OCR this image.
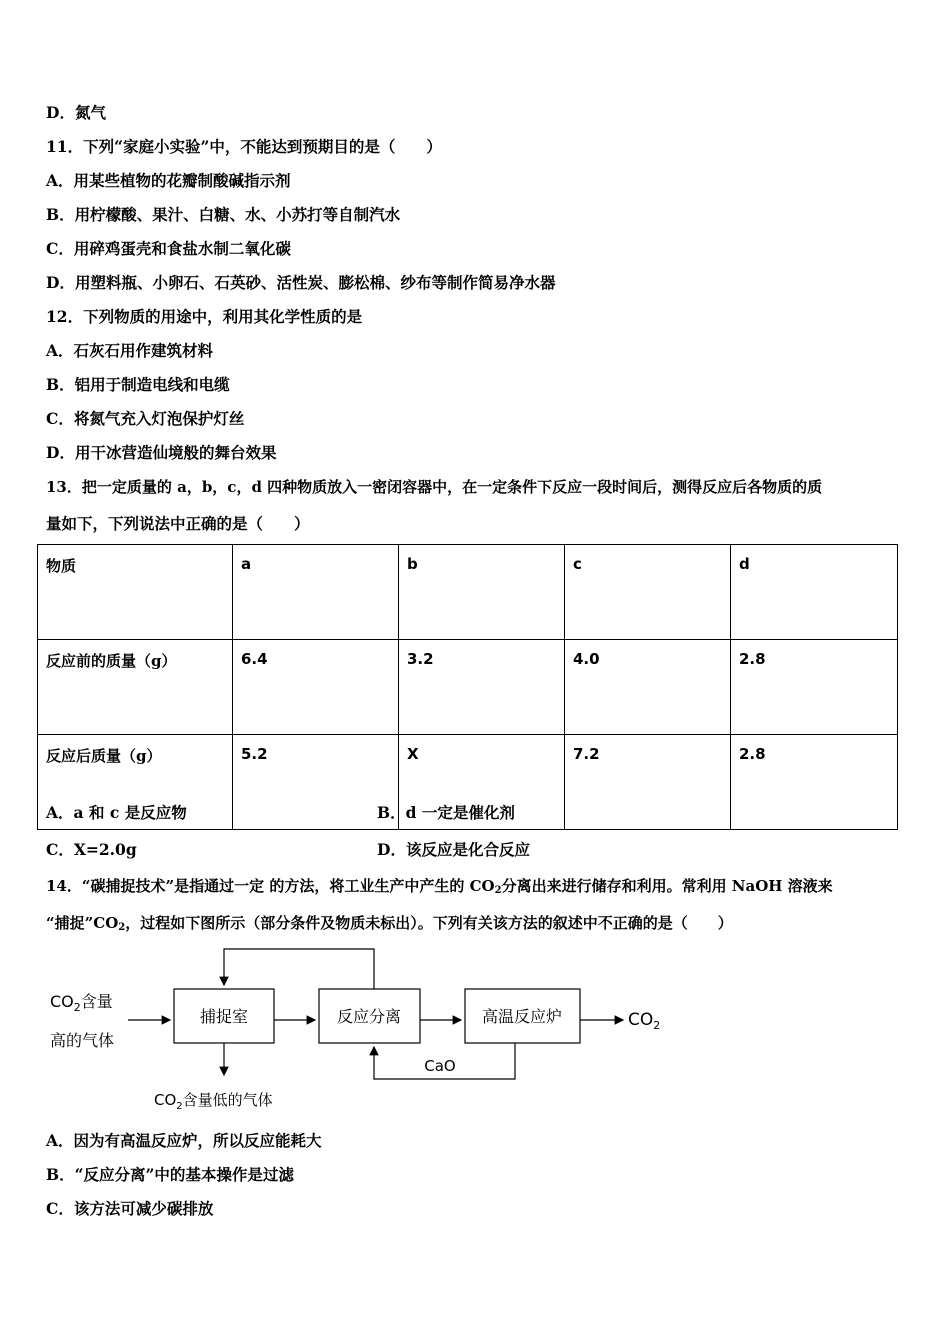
D．氮气
11．下列“家庭小实验”中，不能达到预期目的是（　　）
A．用某些植物的花瓣制酸碱指示剂
B．用柠檬酸、果汁、白糖、水、小苏打等自制汽水
C．用碎鸡蛋壳和食盐水制二氧化碳
D．用塑料瓶、小卵石、石英砂、活性炭、膨松棉、纱布等制作简易净水器
12．下列物质的用途中，利用其化学性质的是
A．石灰石用作建筑材料
B．铝用于制造电线和电缆
C．将氮气充入灯泡保护灯丝
D．用干冰营造仙境般的舞台效果
13．把一定质量的 a，b，c，d 四种物质放入一密闭容器中，在一定条件下反应一段时间后，测得反应后各物质的质
量如下，下列说法中正确的是（　　）
物质	a	b	c	d
反应前的质量（g）	6.4	3.2	4.0	2.8
反应后质量（g）	5.2	X	7.2	2.8
A．a 和 c 是反应物	B．d 一定是催化剂
C．X=2.0g	D．该反应是化合反应
14．“碳捕捉技术”是指通过一定 的方法，将工业生产中产生的 $CO_2$分离出来进行储存和利用。常利用 NaOH 溶液来
“捕捉$”CO_2$，过程如下图所示（部分条件及物质未标出）。下列有关该方法的叙述中不正确的是（　　）
$CO_2$含量
高的气体
捕捉室	反应分离	高温反应炉	$CO_2$
CaO
$CO_2$含量低的气体
A．因为有高温反应炉，所以反应能耗大
B．“反应分离”中的基本操作是过滤
C．该方法可减少碳排放
